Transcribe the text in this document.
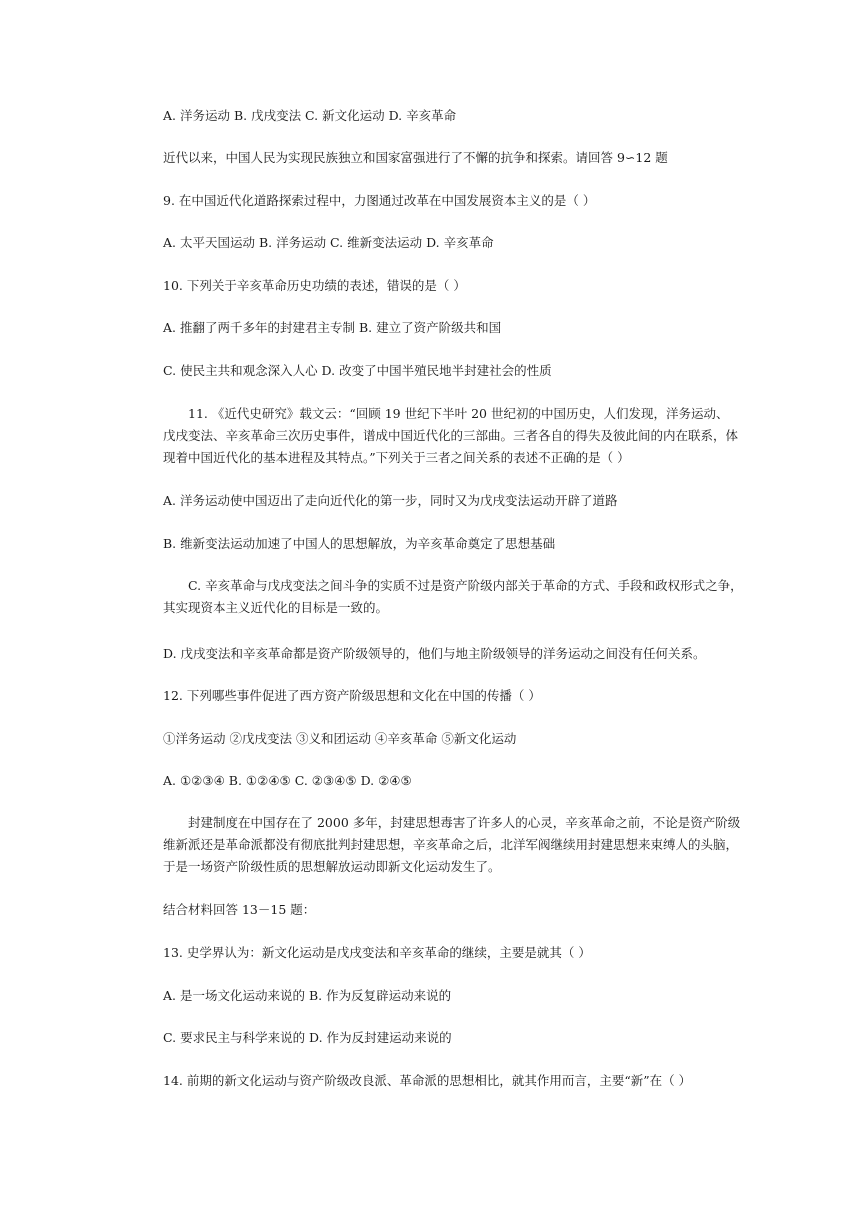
A. 洋务运动 B. 戊戌变法 C. 新文化运动 D. 辛亥革命
近代以来，中国人民为实现民族独立和国家富强进行了不懈的抗争和探索。请回答 9∽12 题
9. 在中国近代化道路探索过程中，力图通过改革在中国发展资本主义的是（ ）
A. 太平天国运动 B. 洋务运动 C. 维新变法运动 D. 辛亥革命
10. 下列关于辛亥革命历史功绩的表述，错误的是（ ）
A. 推翻了两千多年的封建君主专制 B. 建立了资产阶级共和国
C. 使民主共和观念深入人心 D. 改变了中国半殖民地半封建社会的性质
　　11. 《近代史研究》载文云：“回顾 19 世纪下半叶 20 世纪初的中国历史，人们发现，洋务运动、
戊戌变法、辛亥革命三次历史事件，谱成中国近代化的三部曲。三者各自的得失及彼此间的内在联系，体
现着中国近代化的基本进程及其特点。”下列关于三者之间关系的表述不正确的是（ ）
A. 洋务运动使中国迈出了走向近代化的第一步，同时又为戊戌变法运动开辟了道路
B. 维新变法运动加速了中国人的思想解放，为辛亥革命奠定了思想基础
　　C. 辛亥革命与戊戌变法之间斗争的实质不过是资产阶级内部关于革命的方式、手段和政权形式之争，
其实现资本主义近代化的目标是一致的。
D. 戊戌变法和辛亥革命都是资产阶级领导的，他们与地主阶级领导的洋务运动之间没有任何关系。
12. 下列哪些事件促进了西方资产阶级思想和文化在中国的传播（ ）
①洋务运动 ②戊戌变法 ③义和团运动 ④辛亥革命 ⑤新文化运动
A. ①②③④ B. ①②④⑤ C. ②③④⑤ D. ②④⑤
　　封建制度在中国存在了 2000 多年，封建思想毒害了许多人的心灵，辛亥革命之前，不论是资产阶级
维新派还是革命派都没有彻底批判封建思想，辛亥革命之后，北洋军阀继续用封建思想来束缚人的头脑，
于是一场资产阶级性质的思想解放运动即新文化运动发生了。
结合材料回答 13－15 题：
13. 史学界认为：新文化运动是戊戌变法和辛亥革命的继续，主要是就其（ ）
A. 是一场文化运动来说的 B. 作为反复辟运动来说的
C. 要求民主与科学来说的 D. 作为反封建运动来说的
14. 前期的新文化运动与资产阶级改良派、革命派的思想相比，就其作用而言，主要“新”在（ ）
